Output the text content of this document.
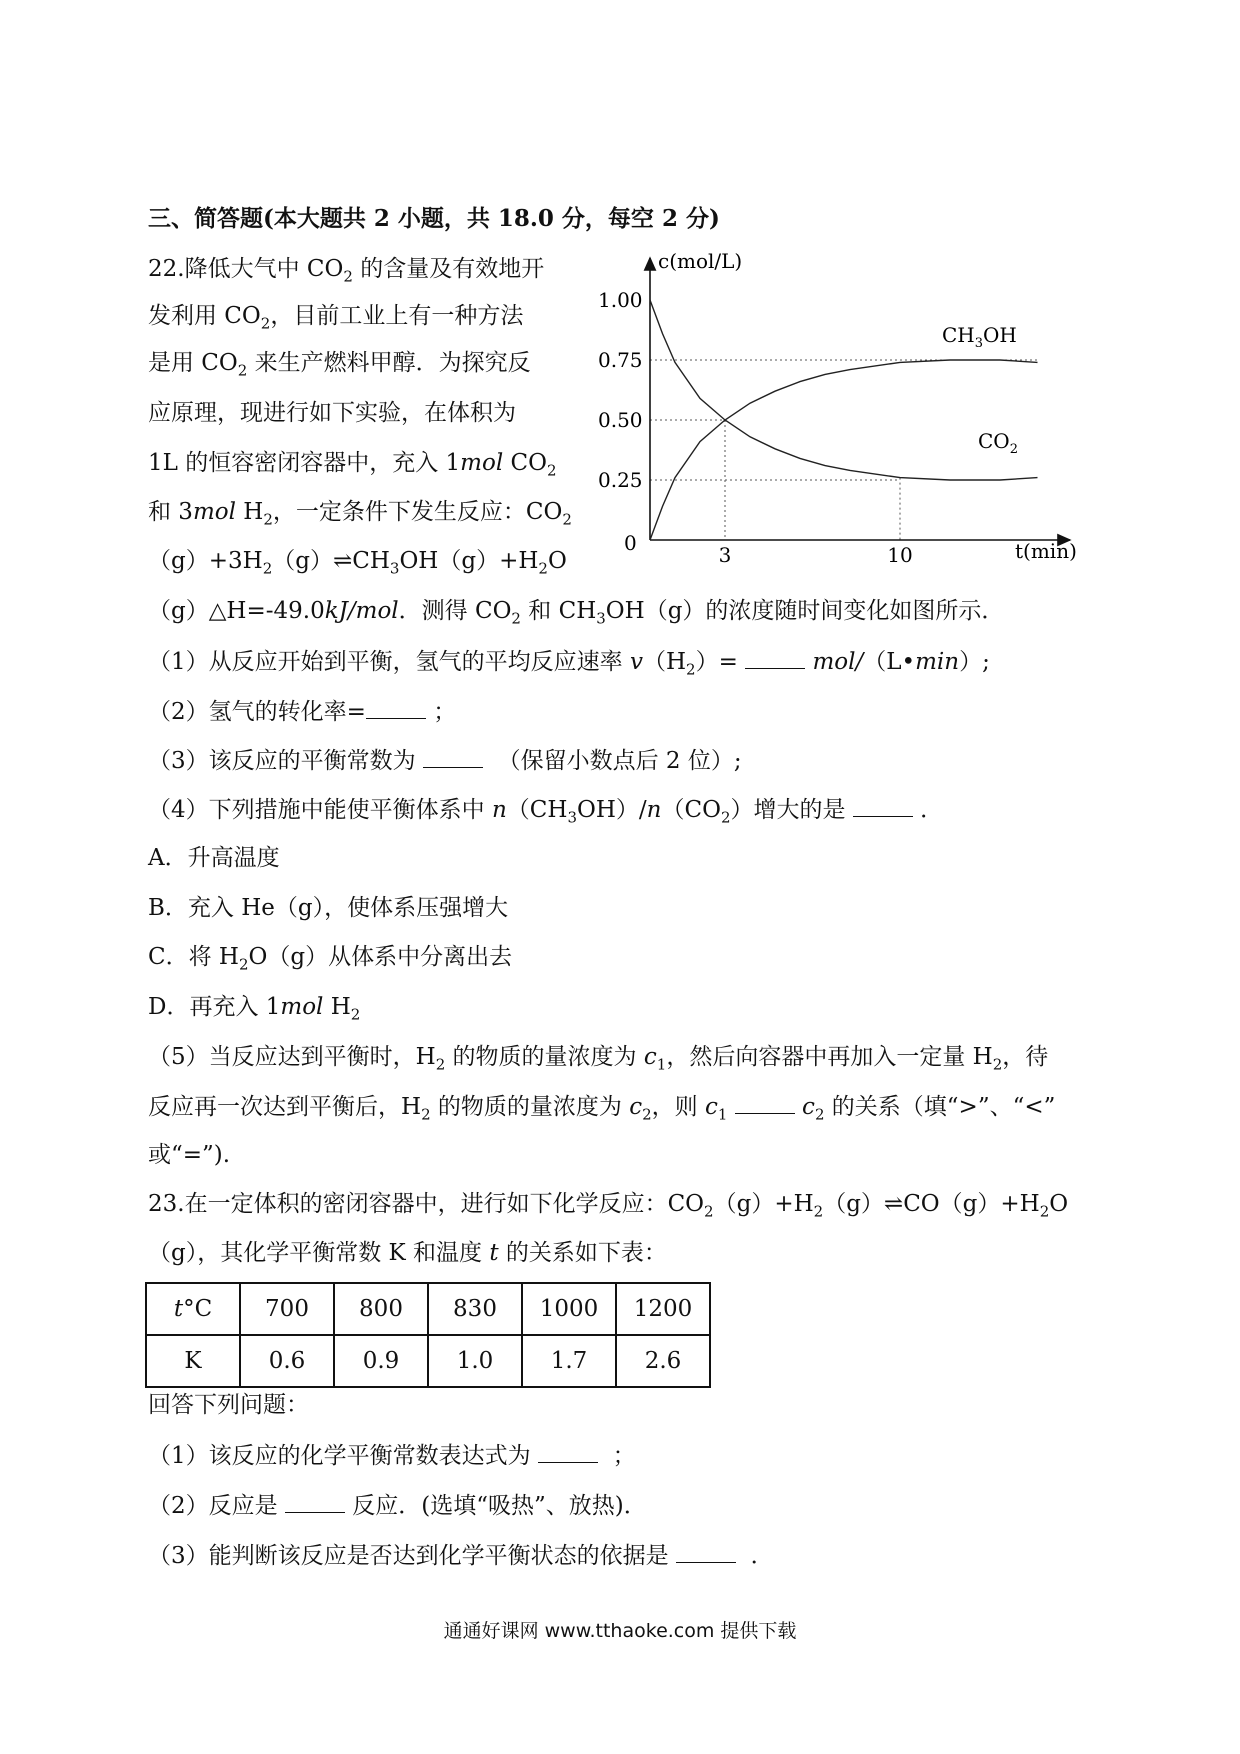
三、简答题(本大题共 2 小题，共 18.0 分，每空 2 分)
22.降低大气中 $CO_2$ 的含量及有效地开
发利用 $CO_2$，目前工业上有一种方法
是用 $CO_2$ 来生产燃料甲醇．为探究反
应原理，现进行如下实验，在体积为
1L 的恒容密闭容器中，充入 1mol $CO_2$
和 3mol $H_2$，一定条件下发生反应：$CO_2$
$(g)+3H_2(g)\rightleftharpoons CH_3OH(g)+H_2O$
（g）△H=-49.0kJ/mol．测得 $CO_2$ 和 $CH_3OH(g)$的浓度随时间变化如图所示．
c(mol/L)
t(min)
0
1.00
0.75
0.50
0.25
3	10
$CH_3OH$
$CO_2$
（1）从反应开始到平衡，氢气的平均反应速率 $v(H_2)=$	mol/（L•min）;
（2）氢气的转化率=	；
（3）该反应的平衡常数为	（保留小数点后 2 位）;
（4）下列措施中能使平衡体系中 $n(CH_3OH)/n(CO_2)$增大的是	．
A．升高温度
B．充入 He（g），使体系压强增大
C．将 $H_2O(g)$从体系中分离出去
D．再充入 1mol $H_2$
（5）当反应达到平衡时，$H_2$ 的物质的量浓度为 $c_1$，然后向容器中再加入一定量 $H_2$，待
反应再一次达到平衡后，$H_2$ 的物质的量浓度为 $c_2$，则 $c_1$	$c_2$ 的关系（填“>”、“<”
或“=”).
23.在一定体积的密闭容器中，进行如下化学反应：$CO_2(g)+H_2(g)\rightleftharpoons CO(g)+H_2O$
（g），其化学平衡常数 K 和温度 t 的关系如下表：
t°C	700	800	830	1000	1200
K	0.6	0.9	1.0	1.7	2.6
回答下列问题：
（1）该反应的化学平衡常数表达式为	；
（2）反应是	反应．(选填“吸热”、放热)．
（3）能判断该反应是否达到化学平衡状态的依据是	．
通通好课网 www.tthaoke.com 提供下载
